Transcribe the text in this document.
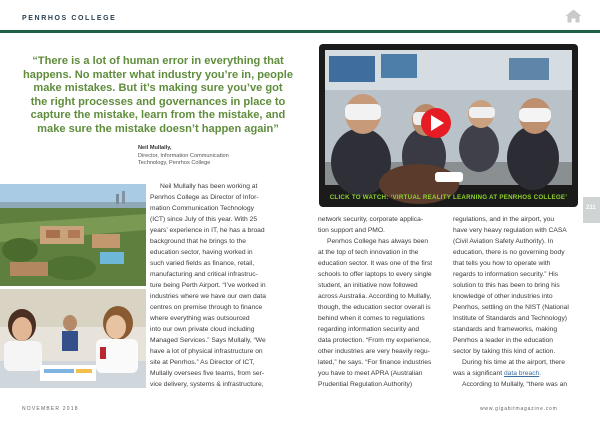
PENRHOS COLLEGE
“There is a lot of human error in everything that
happens. No matter what industry you’re in, people
make mistakes. But it’s making sure you’ve got
the right processes and governances in place to
capture the mistake, learn from the mistake, and
make sure the mistake doesn’t happen again”
Neil Mullally,
Director, Information Communication
Technology, Penrhos College
CLICK TO WATCH: ‘VIRTUAL REALITY LEARNING AT PENRHOS COLLEGE’
211
Neil Mullally has been working at
Penrhos College as Director of Infor-
mation Communication Technology
(ICT) since July of this year. With 25
years’ experience in IT, he has a broad
background that he brings to the
education sector, having worked in
such varied fields as finance, retail,
manufacturing and critical infrastruc-
ture being Perth Airport. “I’ve worked in
industries where we have our own data
centres on premise through to finance
where everything was outsourced
into our own private cloud including
Managed Services.” Says Mullally, “We
have a lot of physical infrastructure on
site at Penrhos.” As Director of ICT,
Mullally oversees five teams, from ser-
vice delivery, systems & infrastructure,
network security, corporate applica-
tion support and PMO.
Penrhos College has always been
at the top of tech innovation in the
education sector. It was one of the first
schools to offer laptops to every single
student, an initiative now followed
across Australia. According to Mullally,
though, the education sector overall is
behind when it comes to regulations
regarding information security and
data protection. “From my experience,
other industries are very heavily regu-
lated,” he says. “For finance industries
you have to meet APRA (Australian
Prudential Regulation Authority)
regulations, and in the airport, you
have very heavy regulation with CASA
(Civil Aviation Safety Authority). In
education, there is no governing body
that tells you how to operate with
regards to information security.” His
solution to this has been to bring his
knowledge of other industries into
Penrhos, settling on the NIST (National
Institute of Standards and Technology)
standards and frameworks, making
Penrhos a leader in the education
sector by taking this kind of action.
During his time at the airport, there
was a significant data breach.
According to Mullally, “there was an
NOVEMBER 2018	www.gigabitmagazine.com
